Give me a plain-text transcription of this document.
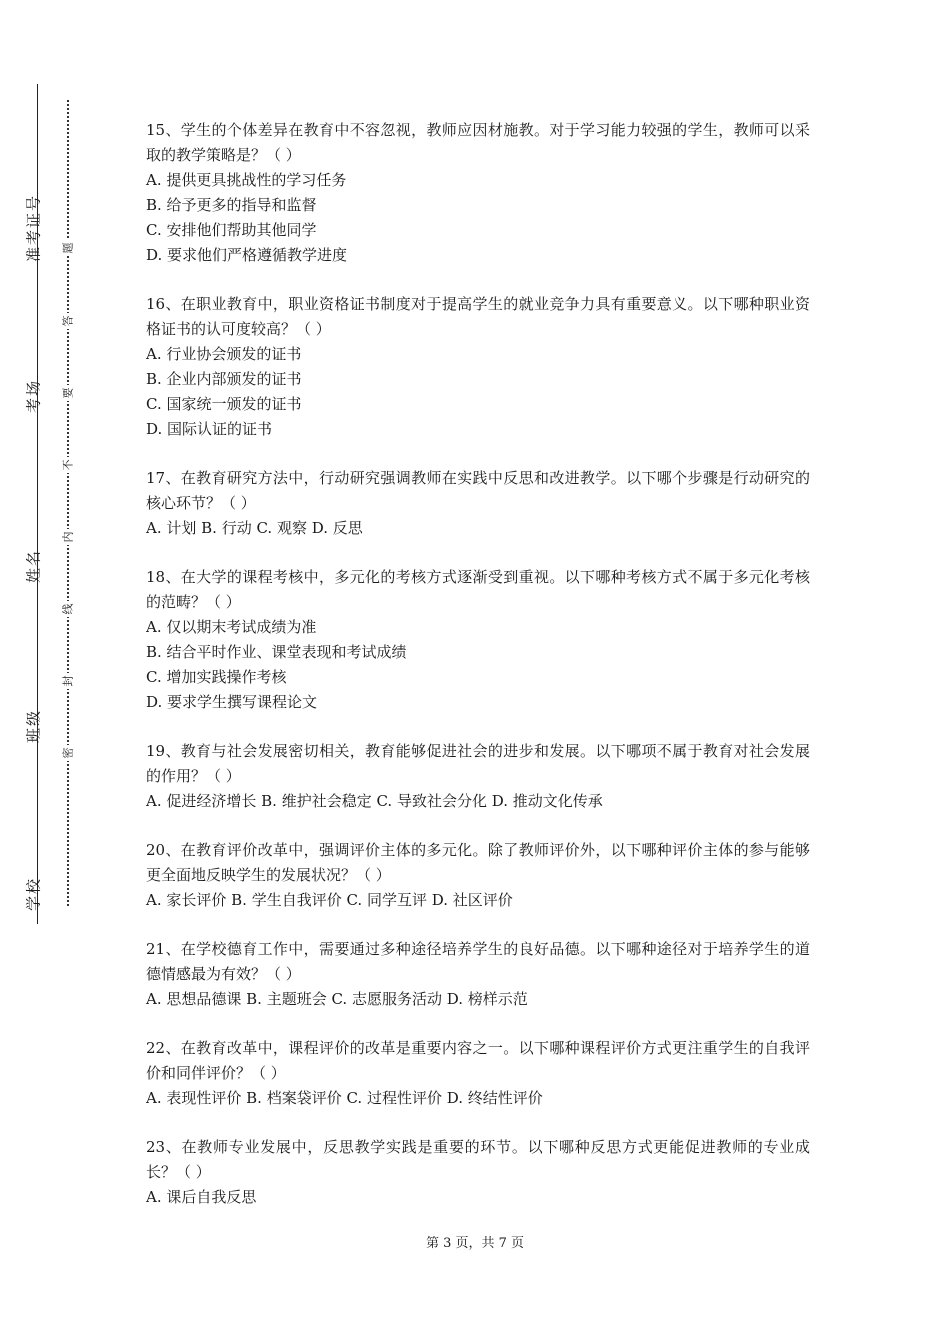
准考证号
考场
姓名
班级
学校
题
答
要
不
内
线
封
密
15、学生的个体差异在教育中不容忽视，教师应因材施教。对于学习能力较强的学生，教师可以采取的教学策略是？（ ）
A. 提供更具挑战性的学习任务
B. 给予更多的指导和监督
C. 安排他们帮助其他同学
D. 要求他们严格遵循教学进度
16、在职业教育中，职业资格证书制度对于提高学生的就业竞争力具有重要意义。以下哪种职业资格证书的认可度较高？（ ）
A. 行业协会颁发的证书
B. 企业内部颁发的证书
C. 国家统一颁发的证书
D. 国际认证的证书
17、在教育研究方法中，行动研究强调教师在实践中反思和改进教学。以下哪个步骤是行动研究的核心环节？（ ）
A. 计划 B. 行动 C. 观察 D. 反思
18、在大学的课程考核中，多元化的考核方式逐渐受到重视。以下哪种考核方式不属于多元化考核的范畴？（ ）
A. 仅以期末考试成绩为准
B. 结合平时作业、课堂表现和考试成绩
C. 增加实践操作考核
D. 要求学生撰写课程论文
19、教育与社会发展密切相关，教育能够促进社会的进步和发展。以下哪项不属于教育对社会发展的作用？（ ）
A. 促进经济增长 B. 维护社会稳定 C. 导致社会分化 D. 推动文化传承
20、在教育评价改革中，强调评价主体的多元化。除了教师评价外，以下哪种评价主体的参与能够更全面地反映学生的发展状况？（ ）
A. 家长评价 B. 学生自我评价 C. 同学互评 D. 社区评价
21、在学校德育工作中，需要通过多种途径培养学生的良好品德。以下哪种途径对于培养学生的道德情感最为有效？（ ）
A. 思想品德课 B. 主题班会 C. 志愿服务活动 D. 榜样示范
22、在教育改革中，课程评价的改革是重要内容之一。以下哪种课程评价方式更注重学生的自我评价和同伴评价？（ ）
A. 表现性评价 B. 档案袋评价 C. 过程性评价 D. 终结性评价
23、在教师专业发展中，反思教学实践是重要的环节。以下哪种反思方式更能促进教师的专业成长？（ ）
A. 课后自我反思
第 3 页，共 7 页
